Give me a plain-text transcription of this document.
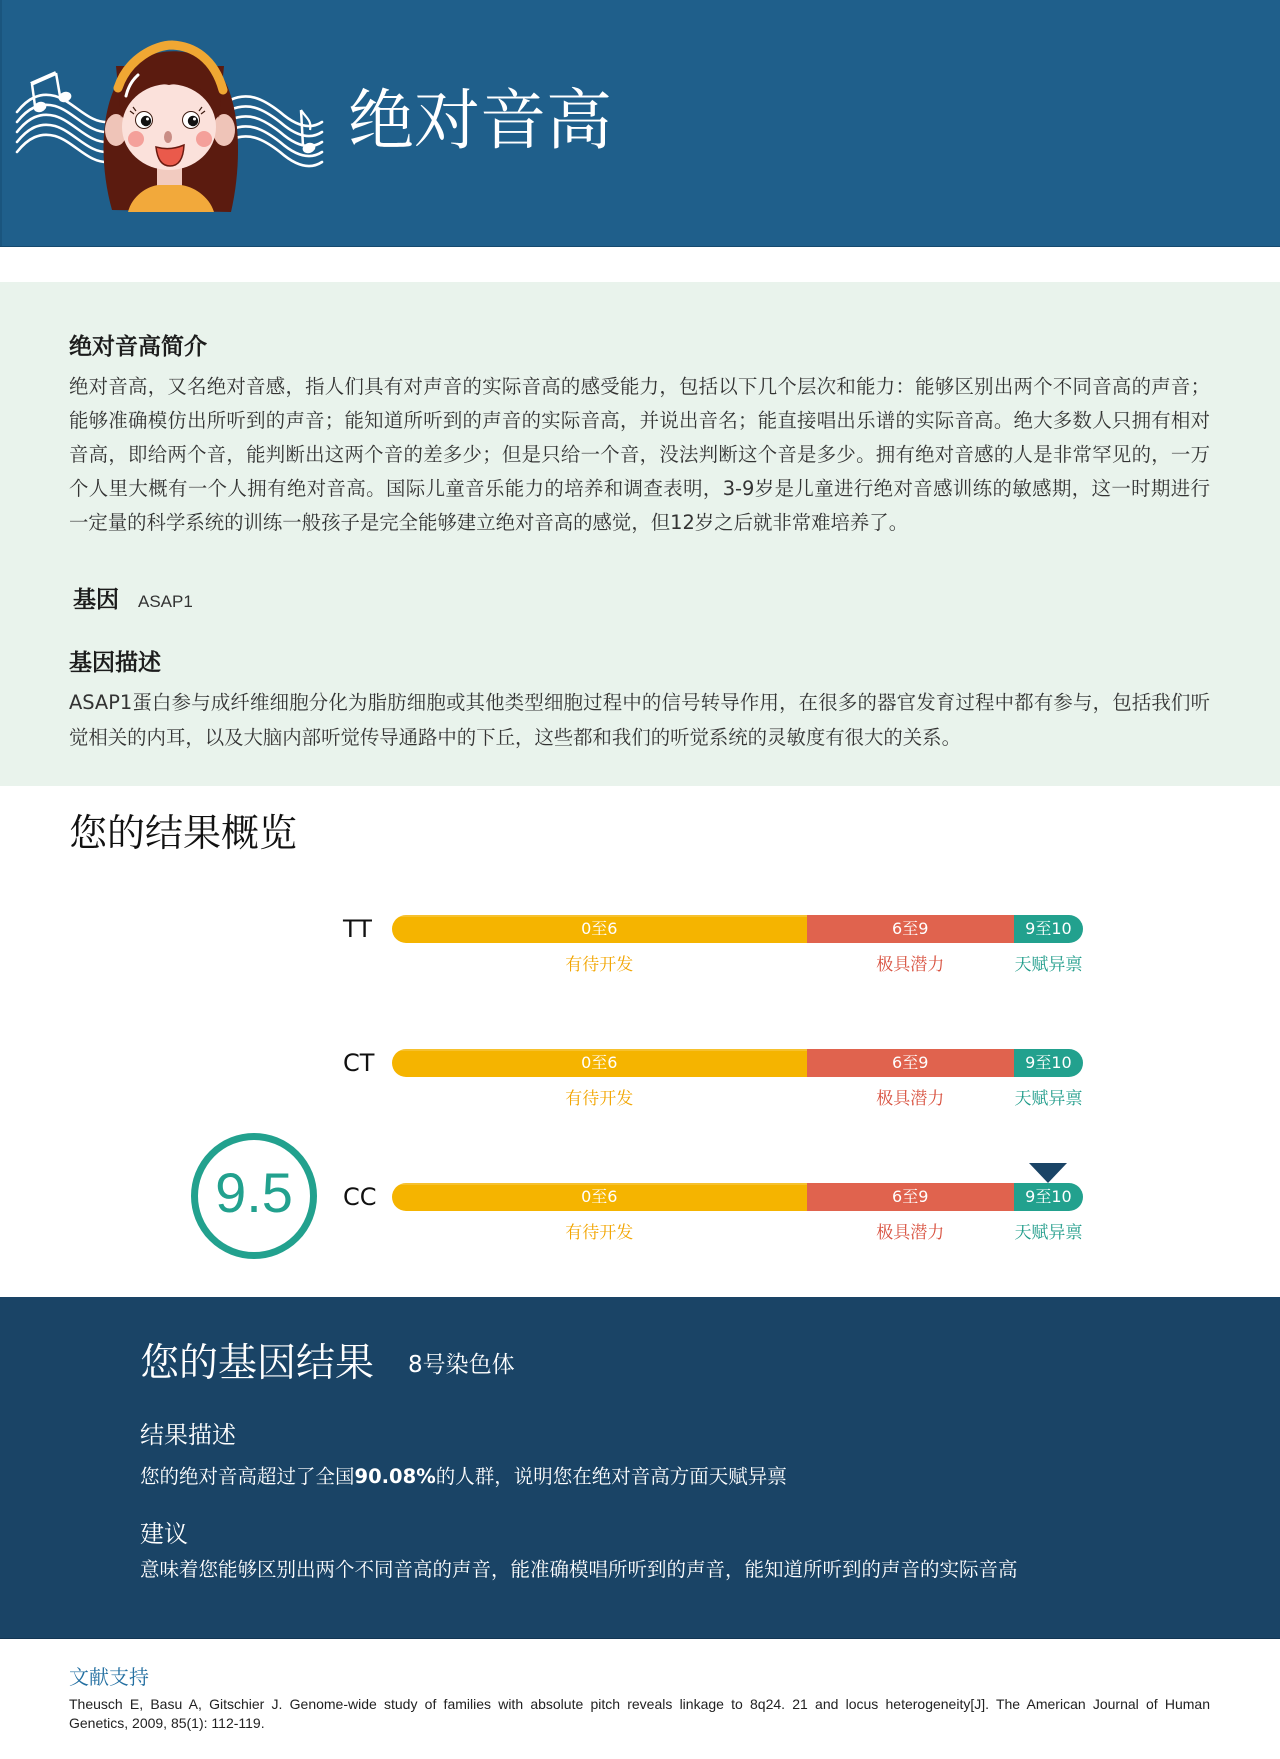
绝对音高
绝对音高简介
绝对音高，又名绝对音感，指人们具有对声音的实际音高的感受能力，包括以下几个层次和能力：能够区别出两个不同音高的声音；
能够准确模仿出所听到的声音；能知道所听到的声音的实际音高，并说出音名；能直接唱出乐谱的实际音高。绝大多数人只拥有相对
音高，即给两个音，能判断出这两个音的差多少；但是只给一个音，没法判断这个音是多少。拥有绝对音感的人是非常罕见的，一万
个人里大概有一个人拥有绝对音高。国际儿童音乐能力的培养和调查表明，3-9岁是儿童进行绝对音感训练的敏感期，这一时期进行
一定量的科学系统的训练一般孩子是完全能够建立绝对音高的感觉，但12岁之后就非常难培养了。
基因 ASAP1
基因描述
ASAP1蛋白参与成纤维细胞分化为脂肪细胞或其他类型细胞过程中的信号转导作用，在很多的器官发育过程中都有参与，包括我们听
觉相关的内耳，以及大脑内部听觉传导通路中的下丘，这些都和我们的听觉系统的灵敏度有很大的关系。
您的结果概览
TT	0至6	6至9	9至10
有待开发	极具潜力	天赋异禀
CT	0至6	6至9	9至10
有待开发	极具潜力	天赋异禀
9.5 CC	0至6	6至9	9至10
有待开发	极具潜力	天赋异禀
您的基因结果 8号染色体
结果描述
您的绝对音高超过了全国90.08%的人群，说明您在绝对音高方面天赋异禀
建议
意味着您能够区别出两个不同音高的声音，能准确模唱所听到的声音，能知道所听到的声音的实际音高
文献支持
Theusch E, Basu A, Gitschier J. Genome-wide study of families with absolute pitch reveals linkage to 8q24. 21 and locus heterogeneity[J]. The American Journal of Human
Genetics, 2009, 85(1): 112-119.
